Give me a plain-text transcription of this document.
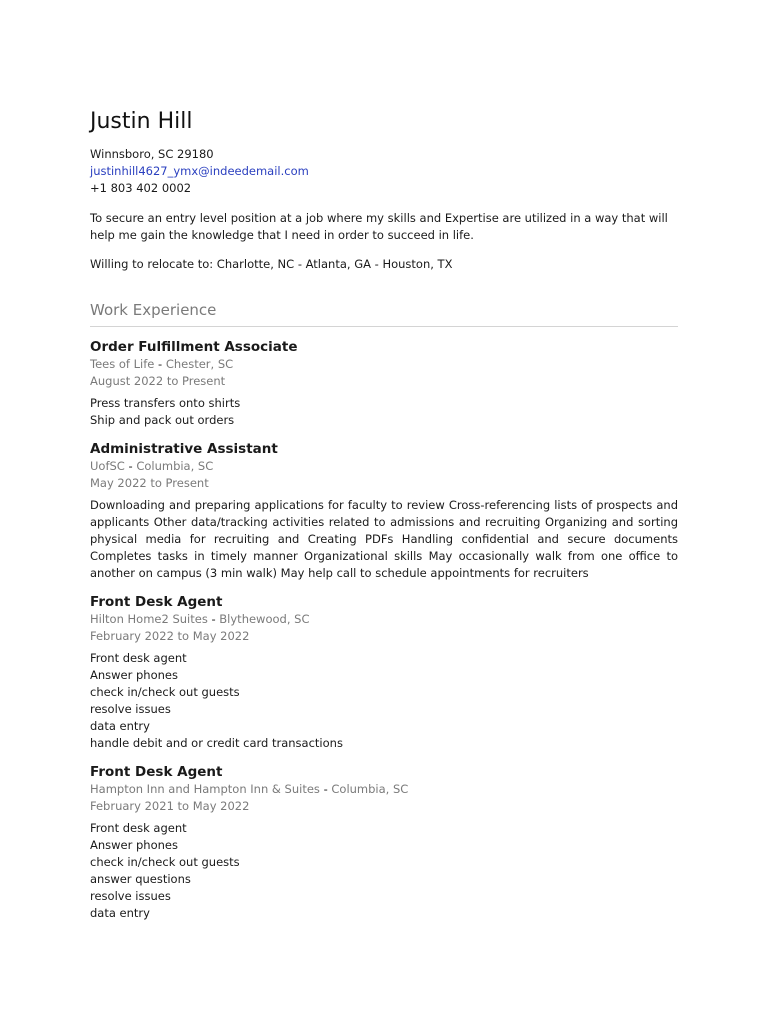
Justin Hill

Winnsboro, SC 29180

justinhill4627_ymx@indeedemail.com

+1 803 402 0002

To secure an entry level position at a job where my skills and Expertise are utilized in a way that will help me gain the knowledge that I need in order to succeed in life.

Willing to relocate to: Charlotte, NC - Atlanta, GA - Houston, TX

Work Experience

Order Fulfillment Associate

Tees of Life - Chester, SC

August 2022 to Present

Press transfers onto shirts
Ship and pack out orders

Administrative Assistant

UofSC - Columbia, SC

May 2022 to Present

Downloading and preparing applications for faculty to review Cross-referencing lists of prospects and applicants Other data/tracking activities related to admissions and recruiting Organizing and sorting physical media for recruiting and Creating PDFs Handling confidential and secure documents Completes tasks in timely manner Organizational skills May occasionally walk from one office to another on campus (3 min walk) May help call to schedule appointments for recruiters

Front Desk Agent

Hilton Home2 Suites - Blythewood, SC

February 2022 to May 2022

Front desk agent
Answer phones
check in/check out guests
resolve issues
data entry
handle debit and or credit card transactions

Front Desk Agent

Hampton Inn and Hampton Inn & Suites - Columbia, SC

February 2021 to May 2022

Front desk agent
Answer phones
check in/check out guests
answer questions
resolve issues
data entry
